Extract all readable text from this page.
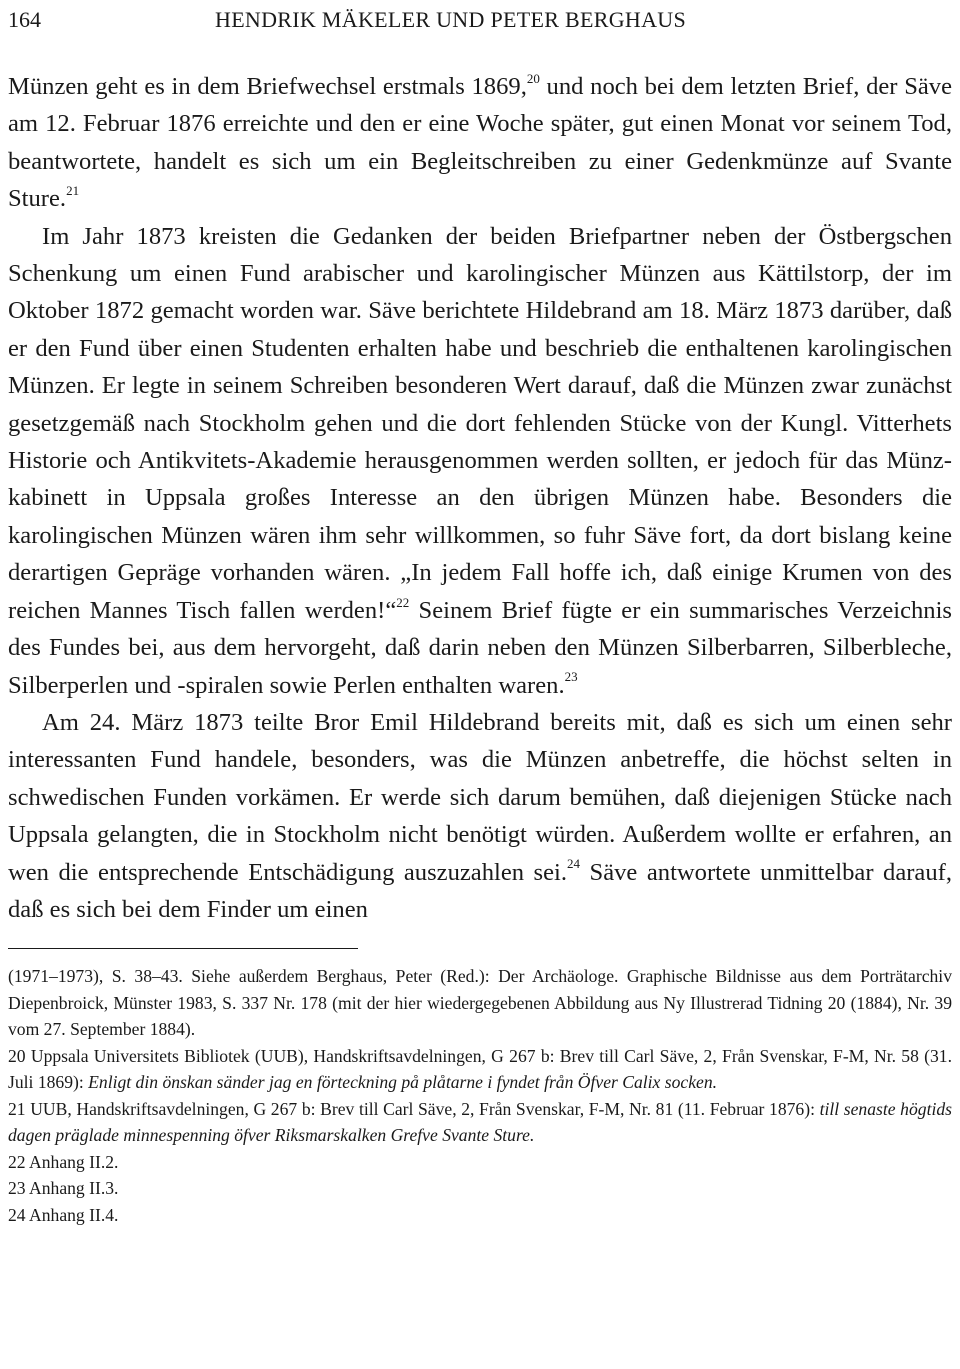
164	HENDRIK MÄKELER UND PETER BERGHAUS

Münzen geht es in dem Briefwechsel erstmals 1869,20 und noch bei dem letzten Brief, der Säve am 12. Februar 1876 erreichte und den er eine Woche später, gut einen Monat vor seinem Tod, beantwortete, handelt es sich um ein Begleitschreiben zu einer Gedenkmünze auf Svante Sture.$^{21}$

Im Jahr 1873 kreisten die Gedanken der beiden Briefpartner neben der Östbergschen Schenkung um einen Fund arabischer und karolingischer Münzen aus Kättilstorp, der im Oktober 1872 gemacht worden war. Säve berichtete Hildebrand am 18. März 1873 darüber, daß er den Fund über einen Studenten erhalten habe und beschrieb die enthaltenen karolingischen Münzen. Er legte in seinem Schreiben besonderen Wert darauf, daß die Münzen zwar zunächst gesetzgemäß nach Stockholm gehen und die dort fehlenden Stücke von der Kungl. Vitterhets Historie och Antikvitets-Akademie herausgenommen werden sollten, er jedoch für das Münzkabinett in Uppsala großes Interesse an den übrigen Münzen habe. Besonders die karolingischen Münzen wären ihm sehr willkommen, so fuhr Säve fort, da dort bislang keine derartigen Gepräge vorhanden wären. „In jedem Fall hoffe ich, daß einige Krumen von des reichen Mannes Tisch fallen werden!“$^{22}$ Seinem Brief fügte er ein summarisches Verzeichnis des Fundes bei, aus dem hervorgeht, daß darin neben den Münzen Silberbarren, Silberbleche, Silberperlen und -spiralen sowie Perlen enthalten waren.$^{23}$

Am 24. März 1873 teilte Bror Emil Hildebrand bereits mit, daß es sich um einen sehr interessanten Fund handele, besonders, was die Münzen anbetreffe, die höchst selten in schwedischen Funden vorkämen. Er werde sich darum bemühen, daß diejenigen Stücke nach Uppsala gelangten, die in Stockholm nicht benötigt würden. Außerdem wollte er erfahren, an wen die entsprechende Entschädigung auszuzahlen sei.$^{24}$ Säve antwortete unmittelbar darauf, daß es sich bei dem Finder um einen

(1971–1973), S. 38–43. Siehe außerdem Berghaus, Peter (Red.): Der Archäologe. Graphische Bildnisse aus dem Porträtarchiv Diepenbroick, Münster 1983, S. 337 Nr. 178 (mit der hier wiedergegebenen Abbildung aus Ny Illustrerad Tidning 20 (1884), Nr. 39 vom 27. September 1884).

20 Uppsala Universitets Bibliotek (UUB), Handskriftsavdelningen, G 267 b: Brev till Carl Säve, 2, Från Svenskar, F-M, Nr. 58 (31. Juli 1869): Enligt din önskan sänder jag en förteckning på plåtarne i fyndet från Öfver Calix socken.

21 UUB, Handskriftsavdelningen, G 267 b: Brev till Carl Säve, 2, Från Svenskar, F-M, Nr. 81 (11. Februar 1876): till senaste högtids dagen präglade minnespenning öfver Riksmarskalken Grefve Svante Sture.

22 Anhang II.2.

23 Anhang II.3.

24 Anhang II.4.
